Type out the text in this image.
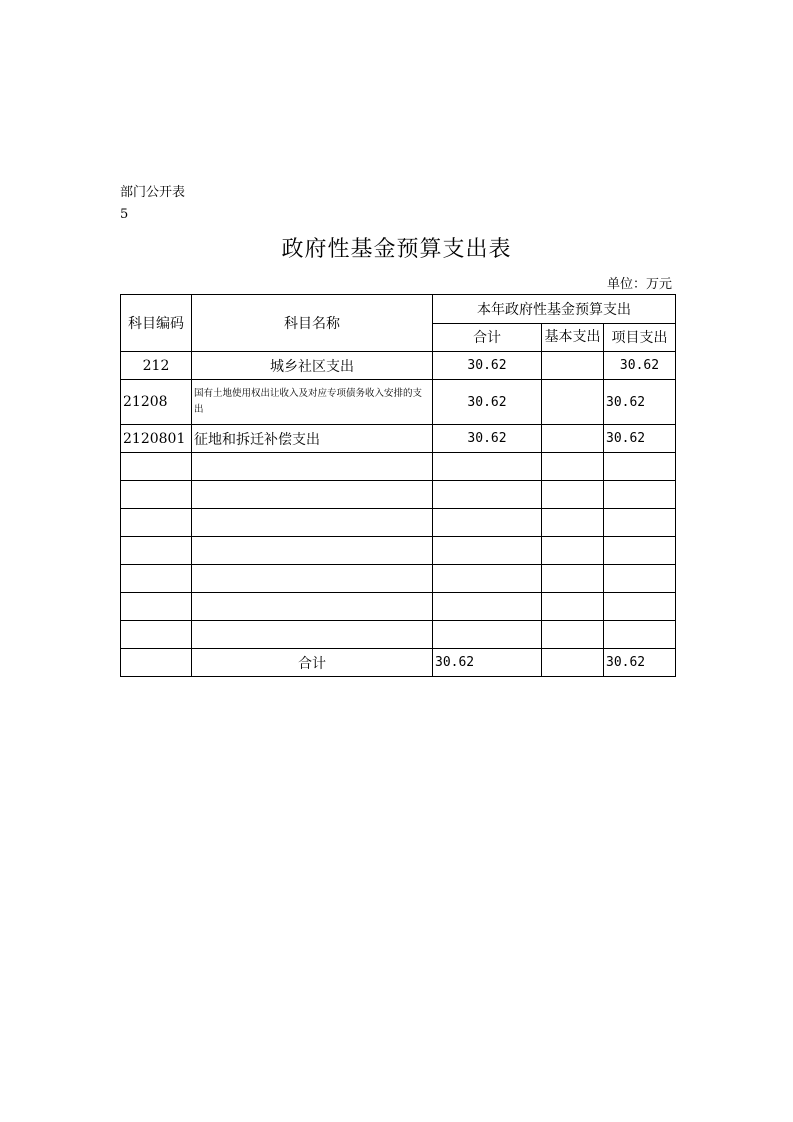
部门公开表
5
政府性基金预算支出表
单位：万元
科目编码	科目名称	本年政府性基金预算支出		
		合计	基本支出	项目支出
212	城乡社区支出	30.62		30.62
21208	国有土地使用权出让收入及对应专项债务收入安排的支出	30.62		30.62
2120801	征地和拆迁补偿支出	30.62		30.62

	合计	30.62		30.62
